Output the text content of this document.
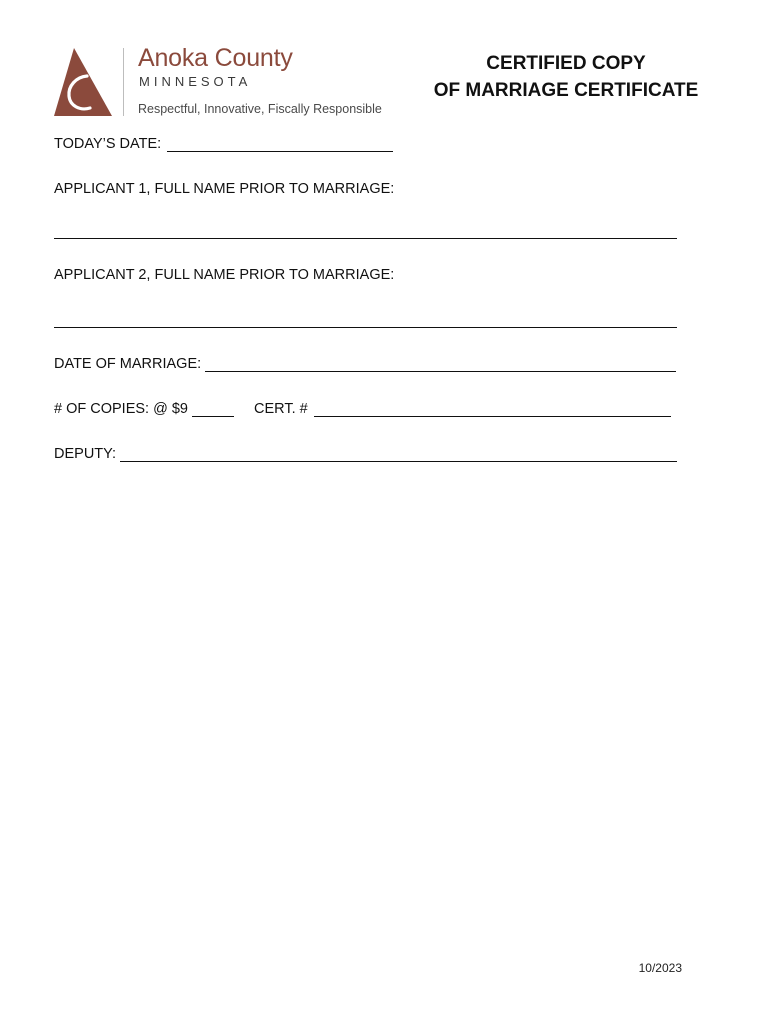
Anoka County
MINNESOTA
Respectful, Innovative, Fiscally Responsible
CERTIFIED COPY
OF MARRIAGE CERTIFICATE
TODAY’S DATE:
APPLICANT 1, FULL NAME PRIOR TO MARRIAGE:
APPLICANT 2, FULL NAME PRIOR TO MARRIAGE:
DATE OF MARRIAGE:
# OF COPIES: @ $9	CERT. #
DEPUTY:
10/2023
